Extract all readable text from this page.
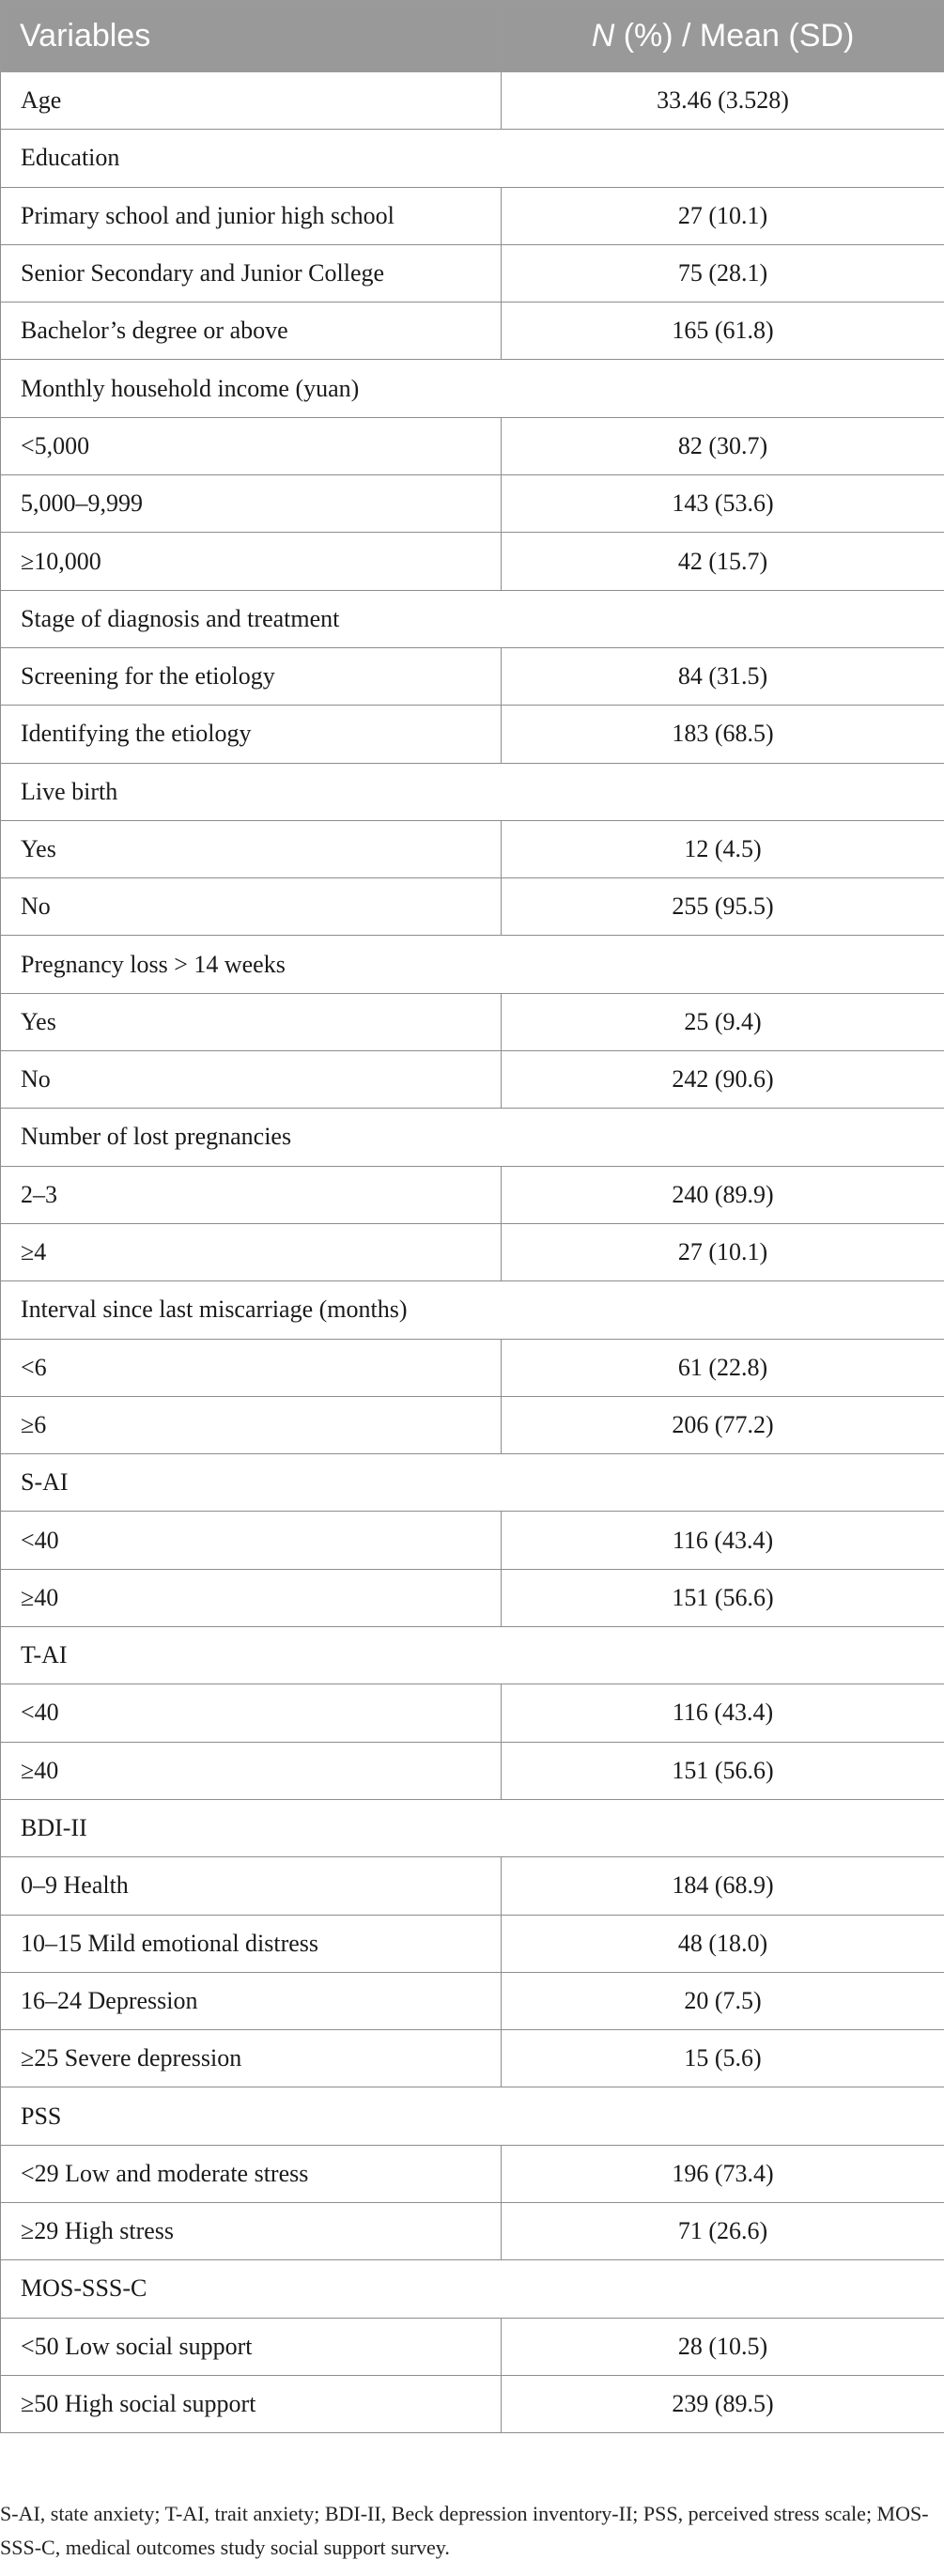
Variables	N (%) / Mean (SD)
Age	33.46 (3.528)
Education	
Primary school and junior high school	27 (10.1)
Senior Secondary and Junior College	75 (28.1)
Bachelor’s degree or above	165 (61.8)
Monthly household income (yuan)	
<5,000	82 (30.7)
5,000–9,999	143 (53.6)
≥10,000	42 (15.7)
Stage of diagnosis and treatment	
Screening for the etiology	84 (31.5)
Identifying the etiology	183 (68.5)
Live birth	
Yes	12 (4.5)
No	255 (95.5)
Pregnancy loss > 14 weeks	
Yes	25 (9.4)
No	242 (90.6)
Number of lost pregnancies	
2–3	240 (89.9)
≥4	27 (10.1)
Interval since last miscarriage (months)	
<6	61 (22.8)
≥6	206 (77.2)
S-AI	
<40	116 (43.4)
≥40	151 (56.6)
T-AI	
<40	116 (43.4)
≥40	151 (56.6)
BDI-II	
0–9 Health	184 (68.9)
10–15 Mild emotional distress	48 (18.0)
16–24 Depression	20 (7.5)
≥25 Severe depression	15 (5.6)
PSS	
<29 Low and moderate stress	196 (73.4)
≥29 High stress	71 (26.6)
MOS-SSS-C	
<50 Low social support	28 (10.5)
≥50 High social support	239 (89.5)
S-AI, state anxiety; T-AI, trait anxiety; BDI-II, Beck depression inventory-II; PSS, perceived stress scale; MOS-SSS-C, medical outcomes study social support survey.
